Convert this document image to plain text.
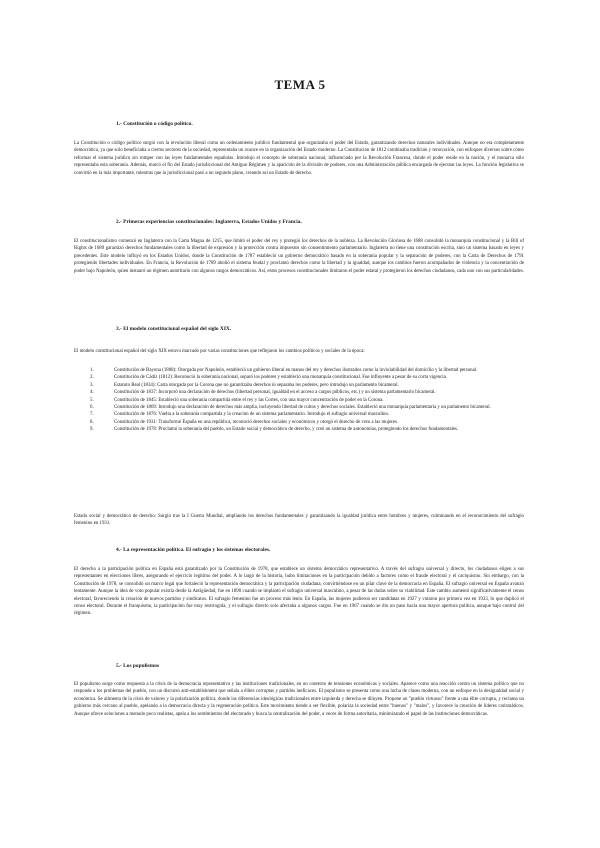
TEMA 5
1.- Constitución o código político.

La Constitución o código político surgió con la revolución liberal como un ordenamiento jurídico fundamental que organizaba el poder del Estado, garantizando derechos naturales individuales. Aunque no era completamente democrática, ya que solo beneficiaba a ciertos sectores de la sociedad, representaba un avance en la organización del Estado moderno. La Constitución de 1812 combinaba tradición y renovación, con enfoques diversos sobre cómo reformar el sistema jurídico sin romper con las leyes fundamentales españolas. Introdujo el concepto de soberanía nacional, influenciado por la Revolución Francesa, donde el poder reside en la nación, y el monarca sólo representaba esta soberanía. Además, marcó el fin del Estado jurisdiccional del Antiguo Régimen y la aparición de la división de poderes, con una Administración pública encargada de ejecutar las leyes. La función legislativa se convirtió en la más importante, mientras que la jurisdiccional pasó a un segundo plano, creando así un Estado de derecho.

2.- Primeras experiencias constitucionales: Inglaterra, Estados Unidos y Francia.

El constitucionalismo comenzó en Inglaterra con la Carta Magna de 1215, que limitó el poder del rey y protegió los derechos de la nobleza. La Revolución Gloriosa de 1688 consolidó la monarquía constitucional y la Bill of Rights de 1689 garantizó derechos fundamentales como la libertad de expresión y la protección contra impuestos sin consentimiento parlamentario. Inglaterra no tiene una constitución escrita, sino un sistema basado en leyes y precedentes. Este modelo influyó en los Estados Unidos, donde la Constitución de 1787 estableció un gobierno democrático basado en la soberanía popular y la separación de poderes, con la Carta de Derechos de 1791 protegiendo libertades individuales. En Francia, la Revolución de 1789 abolió el sistema feudal y proclamó derechos como la libertad y la igualdad, aunque los cambios fueron acompañados de violencia y la concentración de poder bajo Napoleón, quien instauró un régimen autoritario con algunos rasgos democráticos. Así, estos procesos constitucionales limitaron el poder estatal y protegieron los derechos ciudadanos, cada uno con sus particularidades.

3.- El modelo constitucional español del siglo XIX.

El modelo constitucional español del siglo XIX estuvo marcado por varias constituciones que reflejaron los cambios políticos y sociales de la época:

1.	Constitución de Bayona (1808): Otorgada por Napoleón, estableció un gobierno liberal en manos del rey y derechos ilustrados como la inviolabilidad del domicilio y la libertad personal.
2.	Constitución de Cádiz (1812): Reconoció la soberanía nacional, separó los poderes y estableció una monarquía constitucional. Fue influyente a pesar de su corta vigencia.
3.	Estatuto Real (1834): Carta otorgada por la Corona que no garantizaba derechos ni separaba los poderes, pero introdujo un parlamento bicameral.
4.	Constitución de 1837: Incorporó una declaración de derechos (libertad personal, igualdad en el acceso a cargos públicos, etc.) y un sistema parlamentario bicameral.
5.	Constitución de 1845: Estableció una soberanía compartida entre el rey y las Cortes, con una mayor concentración de poder en la Corona.
6.	Constitución de 1869: Introdujo una declaración de derechos más amplia, incluyendo libertad de cultos y derechos sociales. Estableció una monarquía parlamentaria y un parlamento bicameral.
7.	Constitución de 1876: Vuelta a la soberanía compartida y la creación de un sistema parlamentario. Introdujo el sufragio universal masculino.
8.	Constitución de 1931: Transformó España en una república, reconoció derechos sociales y económicos y otorgó el derecho de voto a las mujeres.
9.	Constitución de 1978: Proclamó la soberanía del pueblo, un Estado social y democrático de derecho, y creó un sistema de autonomías, protegiendo los derechos fundamentales.

Estado social y democrático de derecho: Surgió tras la I Guerra Mundial, ampliando los derechos fundamentales y garantizando la igualdad jurídica entre hombres y mujeres, culminando en el reconocimiento del sufragio femenino en 1931.

4.- La representación política. El sufragio y los sistemas electorales.

El derecho a la participación política en España está garantizado por la Constitución de 1978, que establece un sistema democrático representativo. A través del sufragio universal y directo, los ciudadanos eligen a sus representantes en elecciones libres, asegurando el ejercicio legítimo del poder. A lo largo de la historia, hubo limitaciones en la participación debido a factores como el fraude electoral y el caciquismo. Sin embargo, con la Constitución de 1978, se consolidó un marco legal que fortaleció la representación democrática y la participación ciudadana, convirtiéndose en un pilar clave de la democracia en España. El sufragio universal en España avanzó lentamente. Aunque la idea de voto popular existía desde la Antigüedad, fue en 1890 cuando se implantó el sufragio universal masculino, a pesar de las dudas sobre su viabilidad. Este cambio aumentó significativamente el censo electoral, favoreciendo la creación de nuevos partidos y sindicatos. El sufragio femenino fue un proceso más lento. En España, las mujeres pudieron ser candidatas en 1927 y votaron por primera vez en 1933, lo que duplicó el censo electoral. Durante el franquismo, la participación fue muy restringida, y el sufragio directo solo afectaba a algunos cargos. Fue en 1967 cuando se dio un paso hacia una mayor apertura política, aunque bajo control del régimen.

5.- Los populismos

El populismo surge como respuesta a la crisis de la democracia representativa y las instituciones tradicionales, en un contexto de tensiones económicas y sociales. Aparece como una reacción contra un sistema político que no responde a los problemas del pueblo, con un discurso anti-establishment que señala a élites corruptas y partidos ineficaces. El populismo se presenta como una lucha de clases moderna, con un enfoque en la desigualdad social y económica. Se alimenta de la crisis de valores y la polarización política, donde las diferencias ideológicas tradicionales entre izquierda y derecha se diluyen. Propone un "pueblo virtuoso" frente a una élite corrupta, y reclama un gobierno más cercano al pueblo, apelando a la democracia directa y la regeneración política. Este movimiento tiende a ser flexible, polariza la sociedad entre "buenos" y "malos", y favorece la creación de líderes carismáticos. Aunque ofrece soluciones a menudo poco realistas, apela a los sentimientos del electorado y busca la centralización del poder, a veces de forma autoritaria, minimizando el papel de las instituciones democráticas.
